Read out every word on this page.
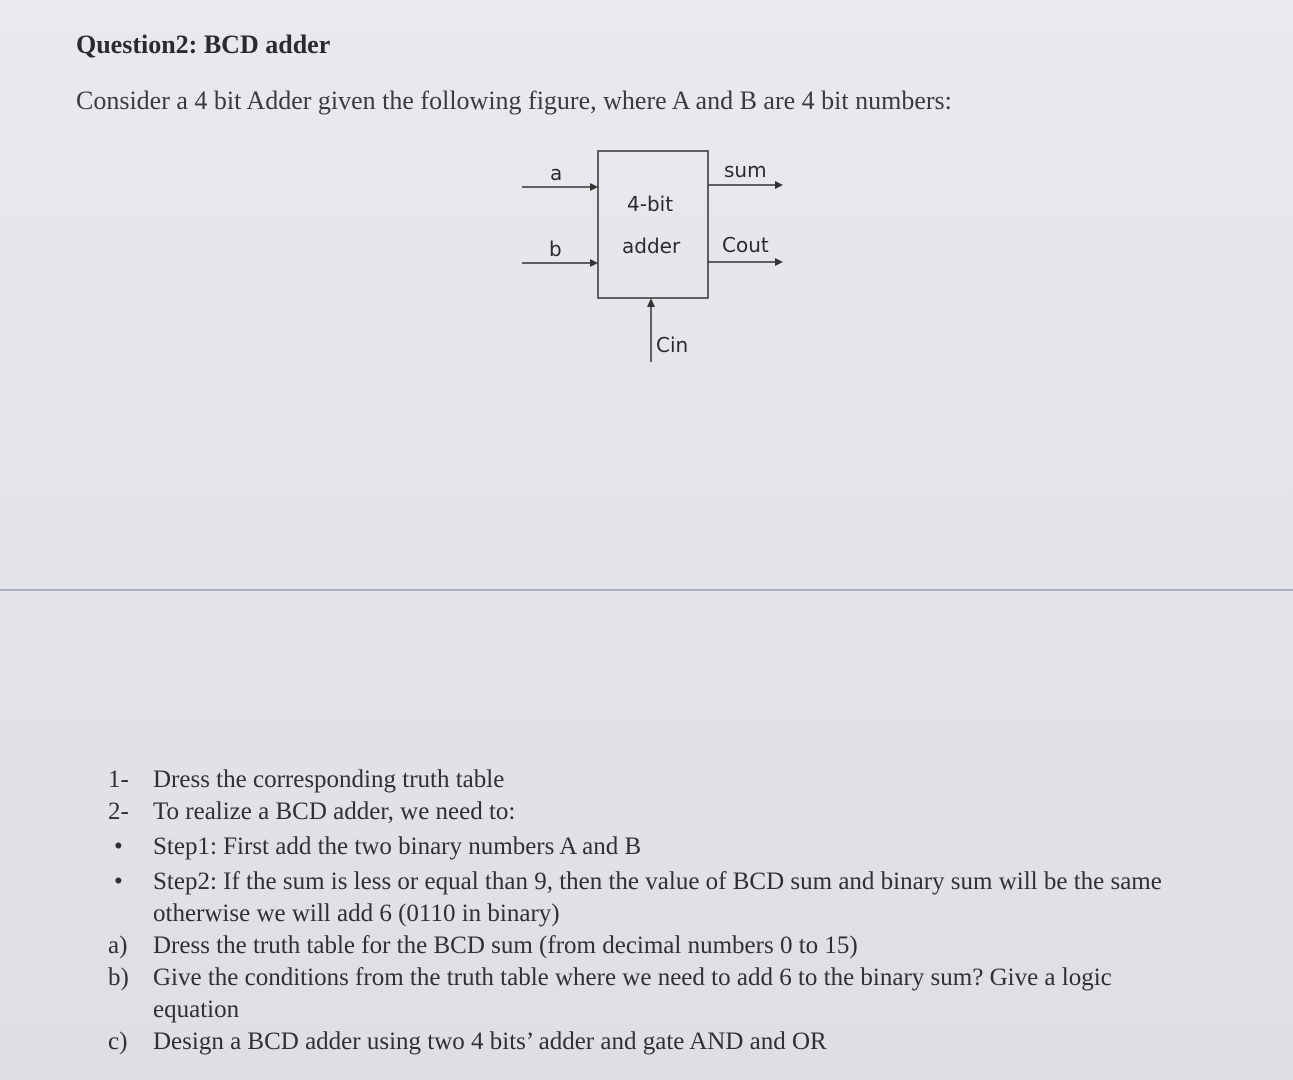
Question2: BCD adder
Consider a 4 bit Adder given the following figure, where A and B are 4 bit numbers:
a
b
4-bit
adder
sum
Cout
Cin
1- Dress the corresponding truth table
2- To realize a BCD adder, we need to:
• Step1: First add the two binary numbers A and B
• Step2: If the sum is less or equal than 9, then the value of BCD sum and binary sum will be the same otherwise we will add 6 (0110 in binary)
a)	Dress the truth table for the BCD sum (from decimal numbers 0 to 15)
b) Give the conditions from the truth table where we need to add 6 to the binary sum? Give a logic equation
c)	Design a BCD adder using two 4 bits’ adder and gate AND and OR
